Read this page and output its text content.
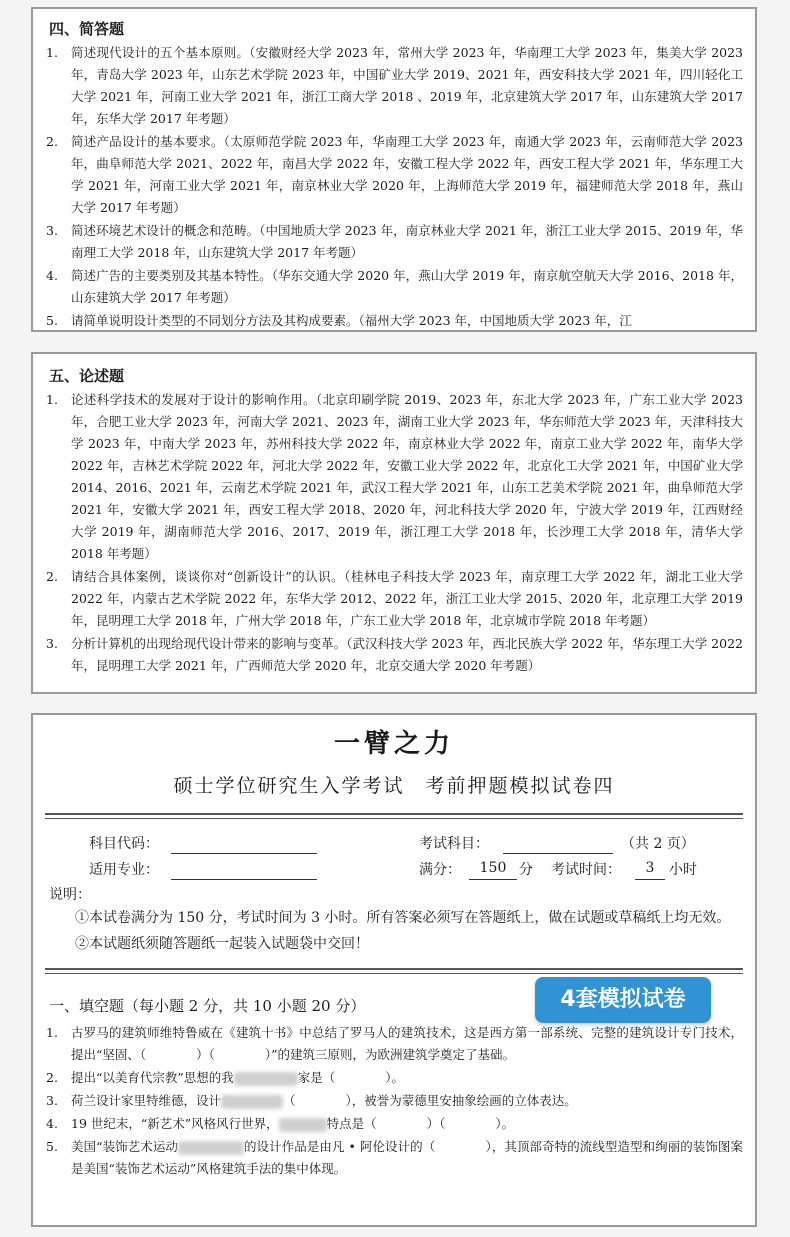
四、简答题
1. 简述现代设计的五个基本原则。（安徽财经大学 2023 年，常州大学 2023 年，华南理工大学 2023 年，集美大学 2023 年，青岛大学 2023 年，山东艺术学院 2023 年，中国矿业大学 2019、2021 年，西安科技大学 2021 年，四川轻化工大学 2021 年，河南工业大学 2021 年，浙江工商大学 2018 、2019 年，北京建筑大学 2017 年，山东建筑大学 2017 年，东华大学 2017 年考题）
2. 简述产品设计的基本要求。（太原师范学院 2023 年，华南理工大学 2023 年，南通大学 2023 年，云南师范大学 2023 年，曲阜师范大学 2021、2022 年，南昌大学 2022 年，安徽工程大学 2022 年，西安工程大学 2021 年，华东理工大学 2021 年，河南工业大学 2021 年，南京林业大学 2020 年，上海师范大学 2019 年，福建师范大学 2018 年，燕山大学 2017 年考题）
3. 简述环境艺术设计的概念和范畴。（中国地质大学 2023 年，南京林业大学 2021 年，浙江工业大学 2015、2019 年，华南理工大学 2018 年，山东建筑大学 2017 年考题）
4. 简述广告的主要类别及其基本特性。（华东交通大学 2020 年，燕山大学 2019 年，南京航空航天大学 2016、2018 年，山东建筑大学 2017 年考题）
5. 请简单说明设计类型的不同划分方法及其构成要素。（福州大学 2023 年，中国地质大学 2023 年，江
五、论述题
1. 论述科学技术的发展对于设计的影响作用。（北京印刷学院 2019、2023 年，东北大学 2023 年，广东工业大学 2023 年，合肥工业大学 2023 年，河南大学 2021、2023 年，湖南工业大学 2023 年，华东师范大学 2023 年，天津科技大学 2023 年，中南大学 2023 年，苏州科技大学 2022 年，南京林业大学 2022 年，南京工业大学 2022 年，南华大学 2022 年，吉林艺术学院 2022 年，河北大学 2022 年，安徽工业大学 2022 年，北京化工大学 2021 年，中国矿业大学 2014、2016、2021 年，云南艺术学院 2021 年，武汉工程大学 2021 年，山东工艺美术学院 2021 年，曲阜师范大学 2021 年，安徽大学 2021 年，西安工程大学 2018、2020 年，河北科技大学 2020 年，宁波大学 2019 年，江西财经大学 2019 年，湖南师范大学 2016、2017、2019 年，浙江理工大学 2018 年，长沙理工大学 2018 年，清华大学 2018 年考题）
2. 请结合具体案例，谈谈你对“创新设计”的认识。（桂林电子科技大学 2023 年，南京理工大学 2022 年，湖北工业大学 2022 年，内蒙古艺术学院 2022 年，东华大学 2012、2022 年，浙江工业大学 2015、2020 年，北京理工大学 2019 年，昆明理工大学 2018 年，广州大学 2018 年，广东工业大学 2018 年，北京城市学院 2018 年考题）
3. 分析计算机的出现给现代设计带来的影响与变革。（武汉科技大学 2023 年，西北民族大学 2022 年，华东理工大学 2022 年，昆明理工大学 2021 年，广西师范大学 2020 年，北京交通大学 2020 年考题）
一臂之力
硕士学位研究生入学考试　考前押题模拟试卷四
科目代码：	考试科目：	（共 2 页）
适用专业：	满分：	150 分 考试时间：	3	小时
说明：
①本试卷满分为 150 分，考试时间为 3 小时。所有答案必须写在答题纸上，做在试题或草稿纸上均无效。
②本试题纸须随答题纸一起装入试题袋中交回！
4套模拟试卷
一、填空题（每小题 2 分，共 10 小题 20 分）
1. 古罗马的建筑师维特鲁威在《建筑十书》中总结了罗马人的建筑技术，这是西方第一部系统、完整的建筑设计专门技术，提出“坚固、（　　　　）（　　　　）”的建筑三原则，为欧洲建筑学奠定了基础。
2. 提出“以美育代宗教”思想的我	家是（　　　　）。
3. 荷兰设计家里特维德，设计	（　　　　），被誉为蒙德里安抽象绘画的立体表达。
4. 19 世纪末，“新艺术”风格风行世界，	特点是（　　　　）（　　　　）。
5. 美国“装饰艺术运动	的设计作品是由凡 • 阿伦设计的（　　　　），其顶部奇特的流线型造型和绚丽的装饰图案是美国“装饰艺术运动”风格建筑手法的集中体现。
